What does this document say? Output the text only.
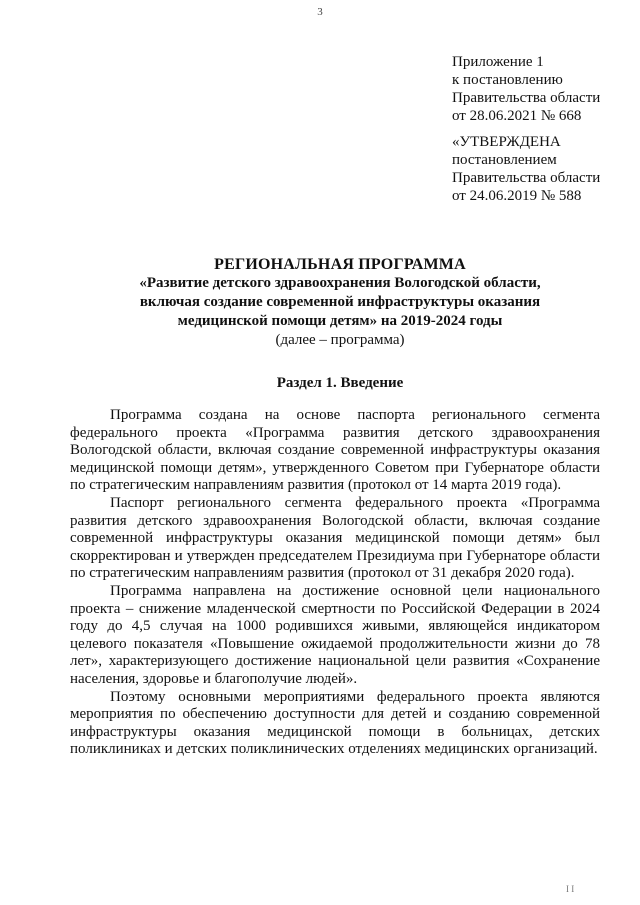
3
Приложение 1
к постановлению
Правительства области
от 28.06.2021 № 668
«УТВЕРЖДЕНА
постановлением
Правительства области
от 24.06.2019 № 588
РЕГИОНАЛЬНАЯ ПРОГРАММА
«Развитие детского здравоохранения Вологодской области,
включая создание современной инфраструктуры оказания
медицинской помощи детям» на 2019-2024 годы
(далее – программа)
Раздел 1. Введение

Программа создана на основе паспорта регионального сегмента федерального проекта «Программа развития детского здравоохранения Вологодской области, включая создание современной инфраструктуры оказания медицинской помощи детям», утвержденного Советом при Губернаторе области по стратегическим направлениям развития (протокол от 14 марта 2019 года).

Паспорт регионального сегмента федерального проекта «Программа развития детского здравоохранения Вологодской области, включая создание современной инфраструктуры оказания медицинской помощи детям» был скорректирован и утвержден председателем Президиума при Губернаторе области по стратегическим направлениям развития (протокол от 31 декабря 2020 года).

Программа направлена на достижение основной цели национального проекта – снижение младенческой смертности по Российской Федерации в 2024 году до 4,5 случая на 1000 родившихся живыми, являющейся индикатором целевого показателя «Повышение ожидаемой продолжительности жизни до 78 лет», характеризующего достижение национальной цели развития «Сохранение населения, здоровье и благополучие людей».

Поэтому основными мероприятиями федерального проекта являются мероприятия по обеспечению доступности для детей и созданию современной инфраструктуры оказания медицинской помощи в больницах, детских поликлиниках и детских поликлинических отделениях медицинских организаций.

I I
